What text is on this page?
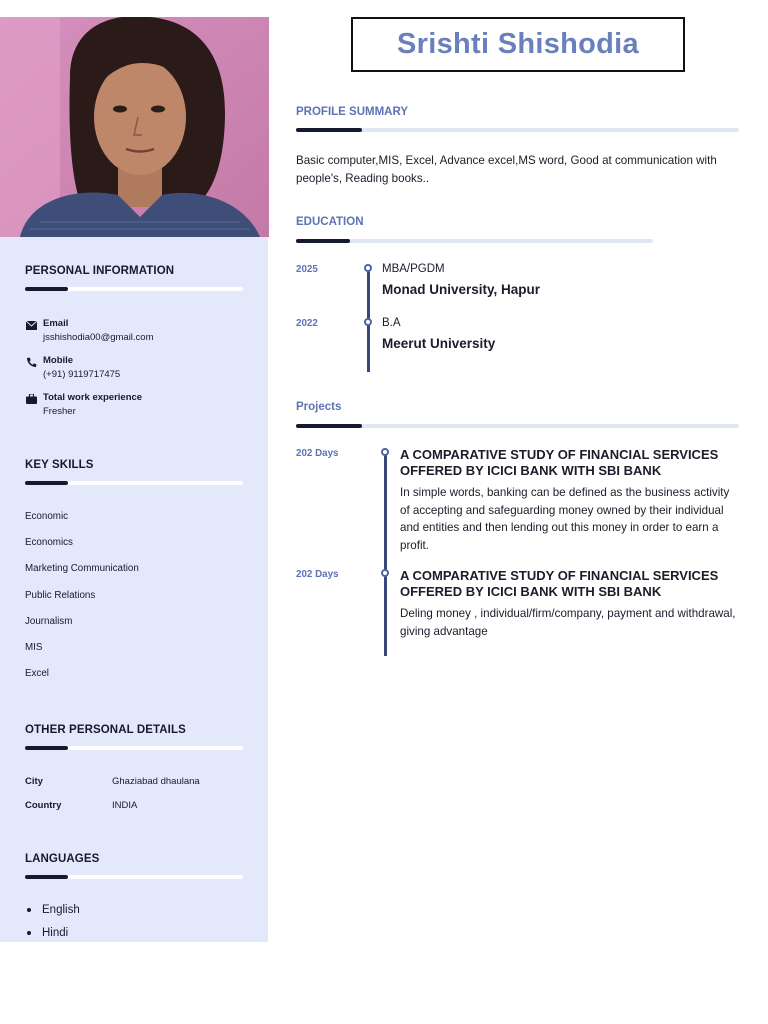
PERSONAL INFORMATION
Email
jsshishodia00@gmail.com
Mobile
(+91) 9119717475
Total work experience
Fresher
KEY SKILLS
Economic
Economics
Marketing Communication
Public Relations
Journalism
MIS
Excel
OTHER PERSONAL DETAILS
City	Ghaziabad dhaulana
Country	INDIA
LANGUAGES
English
Hindi
Srishti Shishodia
PROFILE SUMMARY
Basic computer,MIS, Excel, Advance excel,MS word, Good at communication with people's, Reading books..
EDUCATION
2025	MBA/PGDM
Monad University, Hapur
2022	B.A
Meerut University
Projects
202 Days	A COMPARATIVE STUDY OF FINANCIAL SERVICES OFFERED BY ICICI BANK WITH SBI BANK
In simple words, banking can be defined as the business activity of accepting and safeguarding money owned by their individual and entities and then lending out this money in order to earn a profit.
202 Days	A COMPARATIVE STUDY OF FINANCIAL SERVICES OFFERED BY ICICI BANK WITH SBI BANK
Deling money , individual/firm/company, payment and withdrawal, giving advantage
